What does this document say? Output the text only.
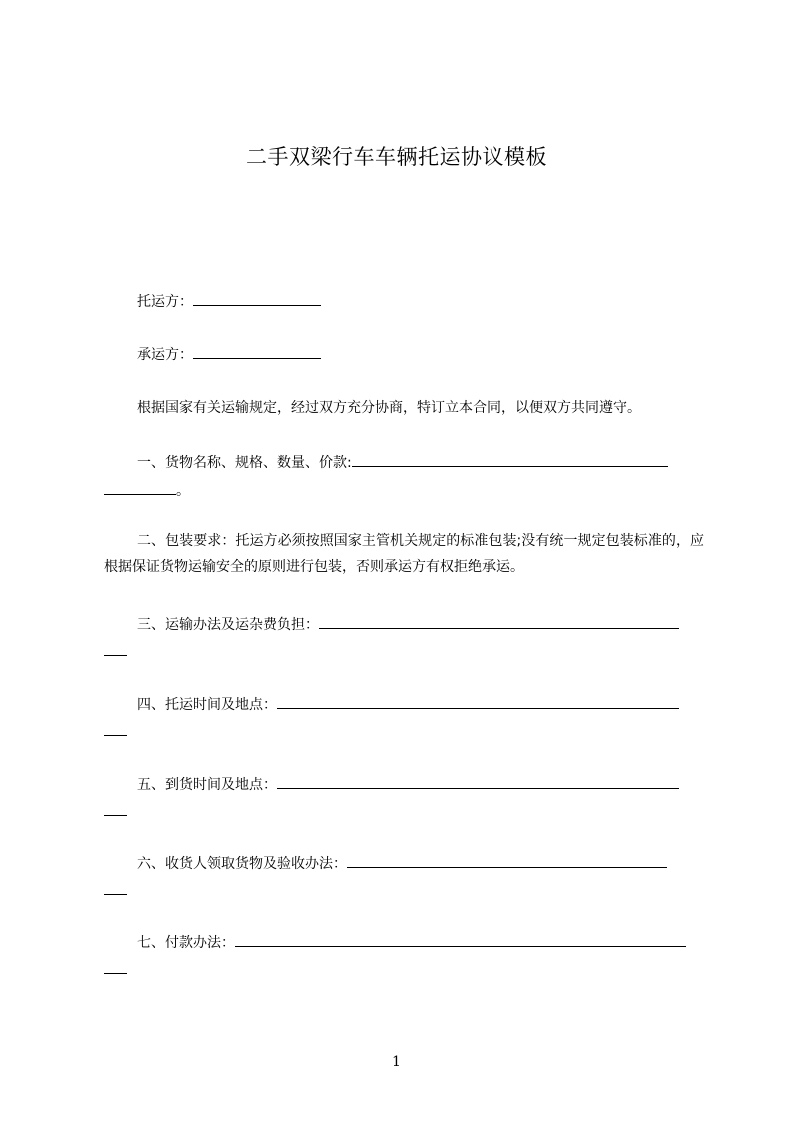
二手双梁行车车辆托运协议模板
托运方：
承运方：
根据国家有关运输规定，经过双方充分协商，特订立本合同，以便双方共同遵守。
一、货物名称、规格、数量、价款:
。
二、包装要求：托运方必须按照国家主管机关规定的标准包装;没有统一规定包装标准的，应根据保证货物运输安全的原则进行包装，否则承运方有权拒绝承运。
三、运输办法及运杂费负担：
四、托运时间及地点：
五、到货时间及地点：
六、收货人领取货物及验收办法：
七、付款办法：
1
